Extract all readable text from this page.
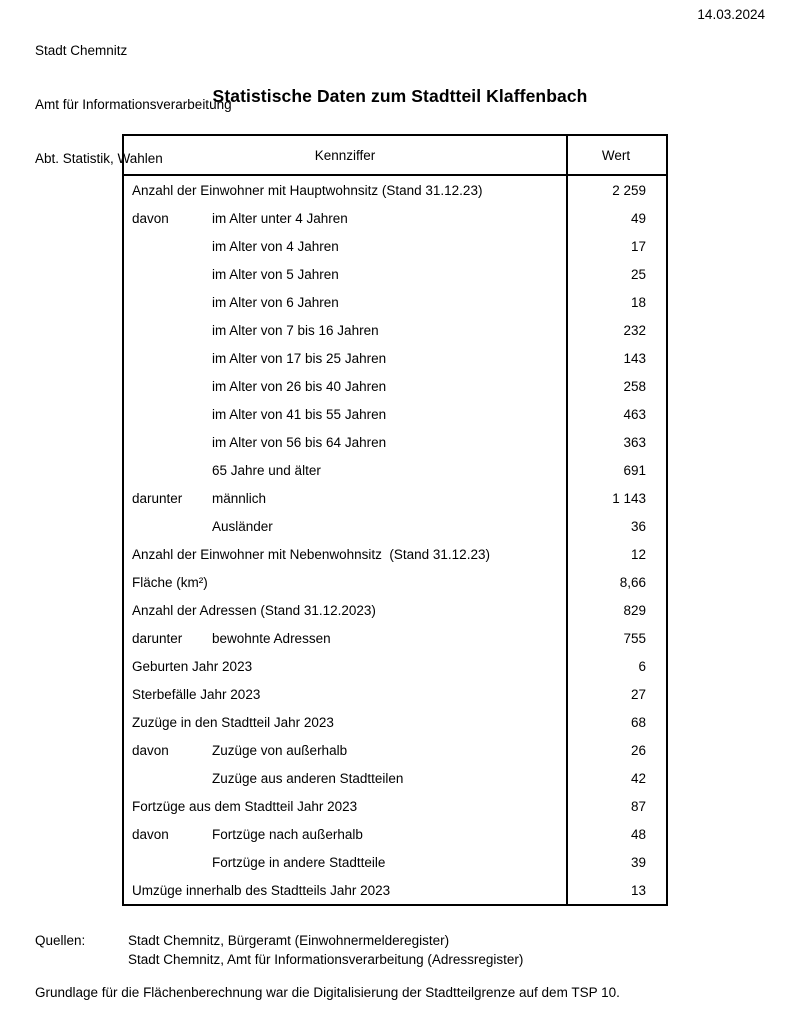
Stadt Chemnitz

Amt für Informationsverarbeitung

Abt. Statistik, Wahlen

14.03.2024
Statistische Daten zum Stadtteil Klaffenbach
Kennziffer	Wert
Anzahl der Einwohner mit Hauptwohnsitz (Stand 31.12.23)	2 259
davon	im Alter unter 4 Jahren	49
im Alter von 4 Jahren	17
im Alter von 5 Jahren	25
im Alter von 6 Jahren	18
im Alter von 7 bis 16 Jahren	232
im Alter von 17 bis 25 Jahren	143
im Alter von 26 bis 40 Jahren	258
im Alter von 41 bis 55 Jahren	463
im Alter von 56 bis 64 Jahren	363
65 Jahre und älter	691
darunter	männlich	1 143
Ausländer	36
Anzahl der Einwohner mit Nebenwohnsitz  (Stand 31.12.23)	12
Fläche (km²)	8,66
Anzahl der Adressen (Stand 31.12.2023)	829
darunter	bewohnte Adressen	755
Geburten Jahr 2023	6
Sterbefälle Jahr 2023	27
Zuzüge in den Stadtteil Jahr 2023	68
davon	Zuzüge von außerhalb	26
Zuzüge aus anderen Stadtteilen	42
Fortzüge aus dem Stadtteil Jahr 2023	87
davon	Fortzüge nach außerhalb	48
Fortzüge in andere Stadtteile	39
Umzüge innerhalb des Stadtteils Jahr 2023	13
Quellen:	Stadt Chemnitz, Bürgeramt (Einwohnermelderegister)
Stadt Chemnitz, Amt für Informationsverarbeitung (Adressregister)
Grundlage für die Flächenberechnung war die Digitalisierung der Stadtteilgrenze auf dem TSP 10.
